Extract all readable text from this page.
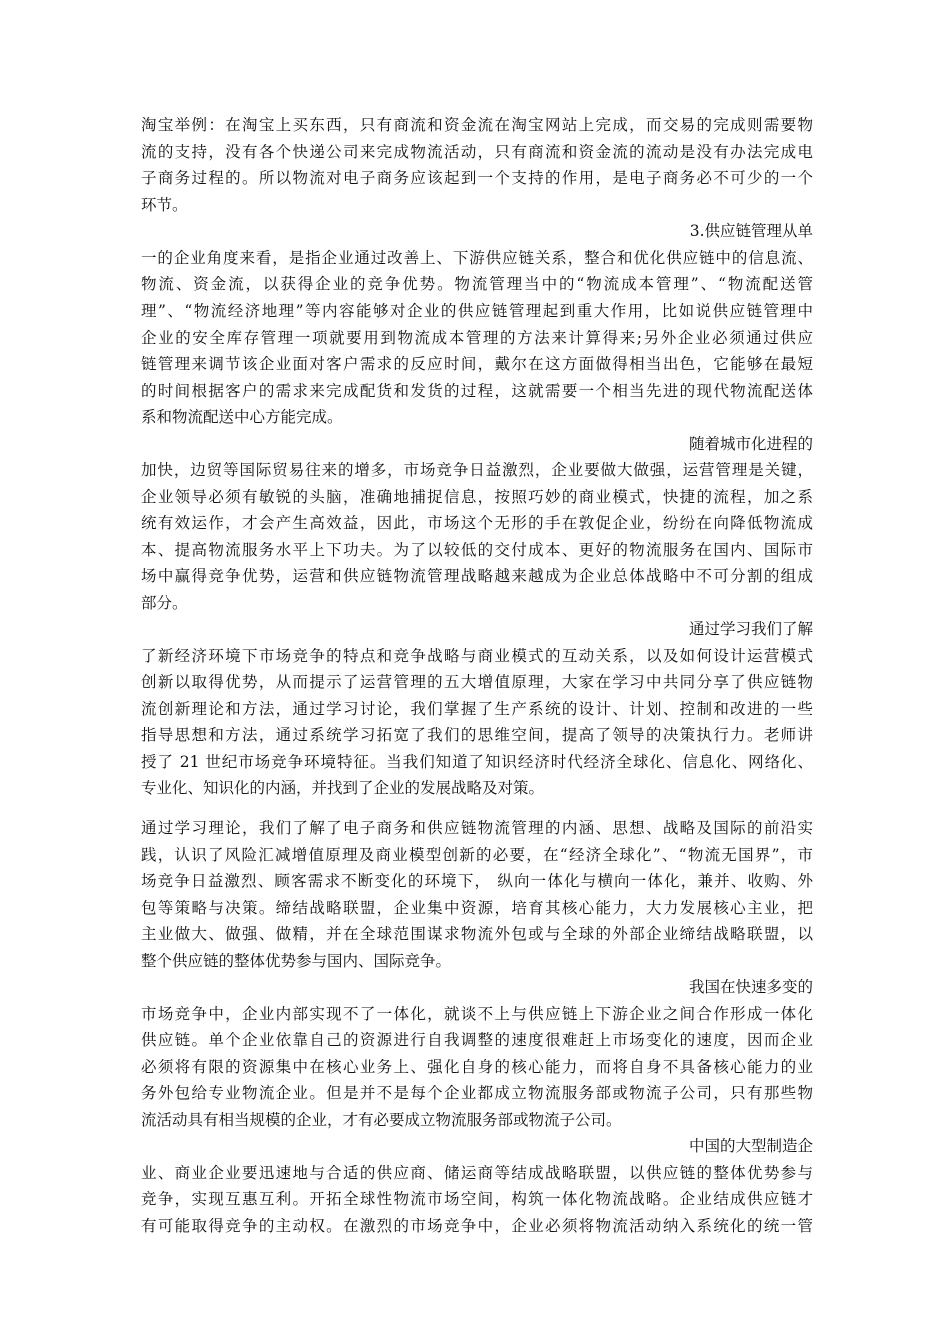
淘宝举例：在淘宝上买东西，只有商流和资金流在淘宝网站上完成，而交易的完成则需要物
流的支持，没有各个快递公司来完成物流活动，只有商流和资金流的流动是没有办法完成电
子商务过程的。所以物流对电子商务应该起到一个支持的作用，是电子商务必不可少的一个
环节。
3.供应链管理从单
一的企业角度来看，是指企业通过改善上、下游供应链关系，整合和优化供应链中的信息流、
物流、资金流，以获得企业的竞争优势。物流管理当中的“物流成本管理”、“物流配送管
理”、“物流经济地理”等内容能够对企业的供应链管理起到重大作用，比如说供应链管理中
企业的安全库存管理一项就要用到物流成本管理的方法来计算得来;另外企业必须通过供应
链管理来调节该企业面对客户需求的反应时间，戴尔在这方面做得相当出色，它能够在最短
的时间根据客户的需求来完成配货和发货的过程，这就需要一个相当先进的现代物流配送体
系和物流配送中心方能完成。
随着城市化进程的
加快，边贸等国际贸易往来的增多，市场竞争日益激烈，企业要做大做强，运营管理是关键，
企业领导必须有敏锐的头脑，准确地捕捉信息，按照巧妙的商业模式，快捷的流程，加之系
统有效运作，才会产生高效益，因此，市场这个无形的手在敦促企业，纷纷在向降低物流成
本、提高物流服务水平上下功夫。为了以较低的交付成本、更好的物流服务在国内、国际市
场中赢得竞争优势，运营和供应链物流管理战略越来越成为企业总体战略中不可分割的组成
部分。
通过学习我们了解
了新经济环境下市场竞争的特点和竞争战略与商业模式的互动关系，以及如何设计运营模式
创新以取得优势，从而提示了运营管理的五大增值原理，大家在学习中共同分享了供应链物
流创新理论和方法，通过学习讨论，我们掌握了生产系统的设计、计划、控制和改进的一些
指导思想和方法，通过系统学习拓宽了我们的思维空间，提高了领导的决策执行力。老师讲
授了 21 世纪市场竞争环境特征。当我们知道了知识经济时代经济全球化、信息化、网络化、
专业化、知识化的内涵，并找到了企业的发展战略及对策。
通过学习理论，我们了解了电子商务和供应链物流管理的内涵、思想、战略及国际的前沿实
践，认识了风险汇减增值原理及商业模型创新的必要，在“经济全球化”、“物流无国界”，市
场竞争日益激烈、顾客需求不断变化的环境下， 纵向一体化与横向一体化，兼并、收购、外
包等策略与决策。缔结战略联盟，企业集中资源，培育其核心能力，大力发展核心主业，把
主业做大、做强、做精，并在全球范围谋求物流外包或与全球的外部企业缔结战略联盟，以
整个供应链的整体优势参与国内、国际竞争。
我国在快速多变的
市场竞争中，企业内部实现不了一体化，就谈不上与供应链上下游企业之间合作形成一体化
供应链。单个企业依靠自己的资源进行自我调整的速度很难赶上市场变化的速度，因而企业
必须将有限的资源集中在核心业务上、强化自身的核心能力，而将自身不具备核心能力的业
务外包给专业物流企业。但是并不是每个企业都成立物流服务部或物流子公司，只有那些物
流活动具有相当规模的企业，才有必要成立物流服务部或物流子公司。
中国的大型制造企
业、商业企业要迅速地与合适的供应商、储运商等结成战略联盟，以供应链的整体优势参与
竞争，实现互惠互利。开拓全球性物流市场空间，构筑一体化物流战略。企业结成供应链才
有可能取得竞争的主动权。在激烈的市场竞争中，企业必须将物流活动纳入系统化的统一管
